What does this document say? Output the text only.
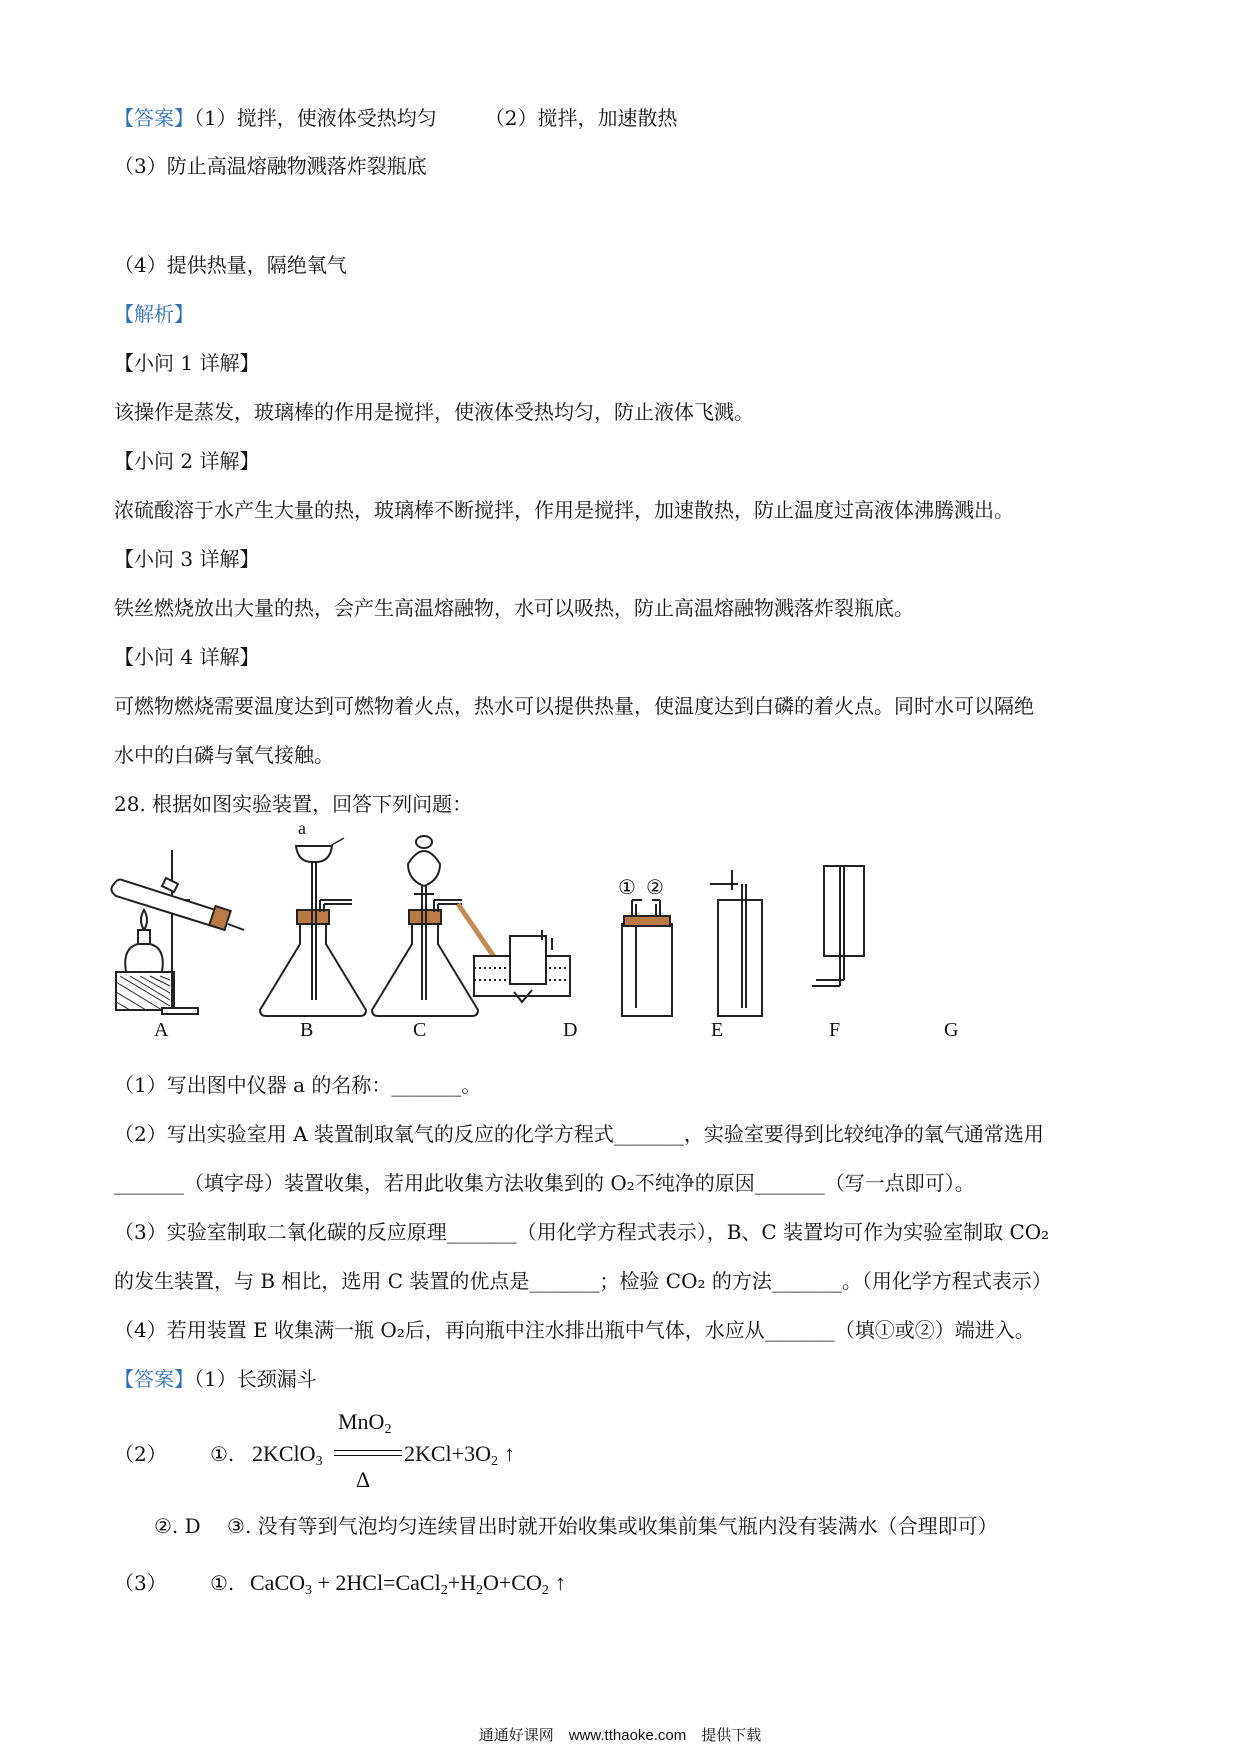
【答案】（1）搅拌，使液体受热均匀 （2）搅拌，加速散热
（3）防止高温熔融物溅落炸裂瓶底
（4）提供热量，隔绝氧气
【解析】
【小问 1 详解】
该操作是蒸发，玻璃棒的作用是搅拌，使液体受热均匀，防止液体飞溅。
【小问 2 详解】
浓硫酸溶于水产生大量的热，玻璃棒不断搅拌，作用是搅拌，加速散热，防止温度过高液体沸腾溅出。
【小问 3 详解】
铁丝燃烧放出大量的热，会产生高温熔融物，水可以吸热，防止高温熔融物溅落炸裂瓶底。
【小问 4 详解】
可燃物燃烧需要温度达到可燃物着火点，热水可以提供热量，使温度达到白磷的着火点。同时水可以隔绝
水中的白磷与氧气接触。
28. 根据如图实验装置，回答下列问题：
a
① ②
A	B	C	D	E	F	G
（1）写出图中仪器 a 的名称：_______。
（2）写出实验室用 A 装置制取氧气的反应的化学方程式_______，实验室要得到比较纯净的氧气通常选用
_______（填字母）装置收集，若用此收集方法收集到的 O₂不纯净的原因_______（写一点即可）。
（3）实验室制取二氧化碳的反应原理_______（用化学方程式表示），B、C 装置均可作为实验室制取 CO₂
的发生装置，与 B 相比，选用 C 装置的优点是_______；检验 CO₂ 的方法_______。（用化学方程式表示）
（4）若用装置 E 收集满一瓶 O₂后，再向瓶中注水排出瓶中气体，水应从_______（填①或②）端进入。
【答案】（1）长颈漏斗
（2） ①. 2KClO$_3$
MnO$_2$
Δ
$2KCl+3O_2$ ↑
②. D　 ③. 没有等到气泡均匀连续冒出时就开始收集或收集前集气瓶内没有装满水（合理即可）
（3） ①. CaCO$_3$ + $2HCl=CaCl_2+H_2O+CO_2$ ↑
通通好课网　www.tthaoke.com　提供下载
